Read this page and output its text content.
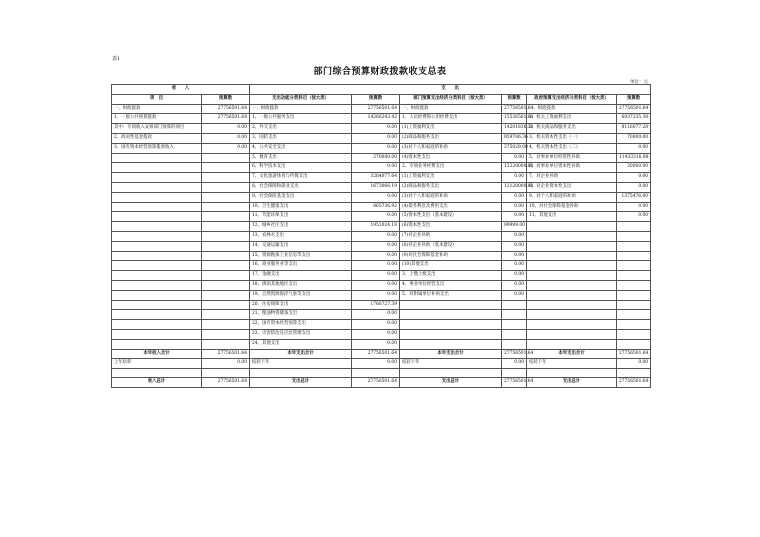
表1
部门综合预算财政拨款收支总表
单位：元
收　　入		支　　出					
项　目	预算数	支出功能分类科目（按大类）	预算数	部门预算支出经济分类科目（按大类）	预算数	政府预算支出经济分类科目（按大类）	预算数
一、财政拨款	27756501.64	一、财政拨款	27756501.64	一、财政拨款	27756501.64	一、财政拨款	27756501.64
1、一般公共预算拨款	27756501.64	1、一般公共服务支出	14266243.42	1、人员经费和公用经费支出	15536561.64	1、机关工资福利支出	6037335.38
其中：专项收入安排部门预算的项目	0.00	2、外交支出	0.00	(1)工资福利支出	14201836.38	2、机关商品和服务支出	8116077.28
2、政府性基金拨款	0.00	3、国防支出	0.00	(2)商品和服务支出	959706.36	3、机关资本性支出（一）	70000.00
3、国有资本经营预算拨款收入	0.00	4、公共安全支出	0.00	(3)对个人和家庭的补助	375029.00	4、机关资本性支出（二）	0.00
		5、教育支出	270000.00	(4)资本性支出	0.00	5、对事业单位经常性补助	11433316.98
		6、科学技术支出	0.00	2、专项业务经费支出	12220000.00	6、对事业单位资本性补助	20000.00
		7、文化旅游体育与传媒支出	3264077.64	(1)工资福利支出	0.00	7、对企业补助	0.00
		8、社会保障和就业支出	1673066.19	(2)商品和服务支出	12120000.00	8、对企业资本性支出	0.00
		9、社会保险基金支出	0.00	(3)对个人和家庭的补助	0.00	9、对个人和家庭的补助	1375476.00
		10、卫生健康支出	865736.92	(4)债务利息及费用支出	0.00	10、对社会保障基金补助	0.00
		11、节能环保支出	0.00	(5)资本性支出（基本建设）	0.00	11、其他支出	0.00
		12、城乡社区支出	1951024.18	(6)资本性支出	99999.00		
		13、农林水支出	0.00	(7)对企业补助	0.00		
		14、交通运输支出	0.00	(8)对企业补助（基本建设）	0.00		
		15、资源勘探工业信息等支出	0.00	(9)对社会保障基金补助	0.00		
		16、商业服务业等支出	0.00	(10)其他支出	0.00		
		17、金融支出	0.00	3、上缴上级支出	0.00		
		18、援助其他地区支出	0.00	4、事业单位经营支出	0.00		
		19、自然资源海洋气象等支出	0.00	5、对附属单位补助支出	0.00		
		20、住房保障支出	1766727.39				
		21、粮油物资储备支出	0.00				
		22、国有资本经营预算支出	0.00				
		23、灾害防治及应急管理支出	0.00				
		24、其他支出	0.00				
本年收入合计	27756501.64	本年支出合计	27756501.64	本年支出合计	27756501.64	本年支出合计	27756501.64
上年结转	0.00	结转下年	0.00	结转下年	0.00	结转下年	0.00

收入总计	27756501.64	支出总计	27756501.64	支出总计	27756501.64	支出总计	27756501.64
